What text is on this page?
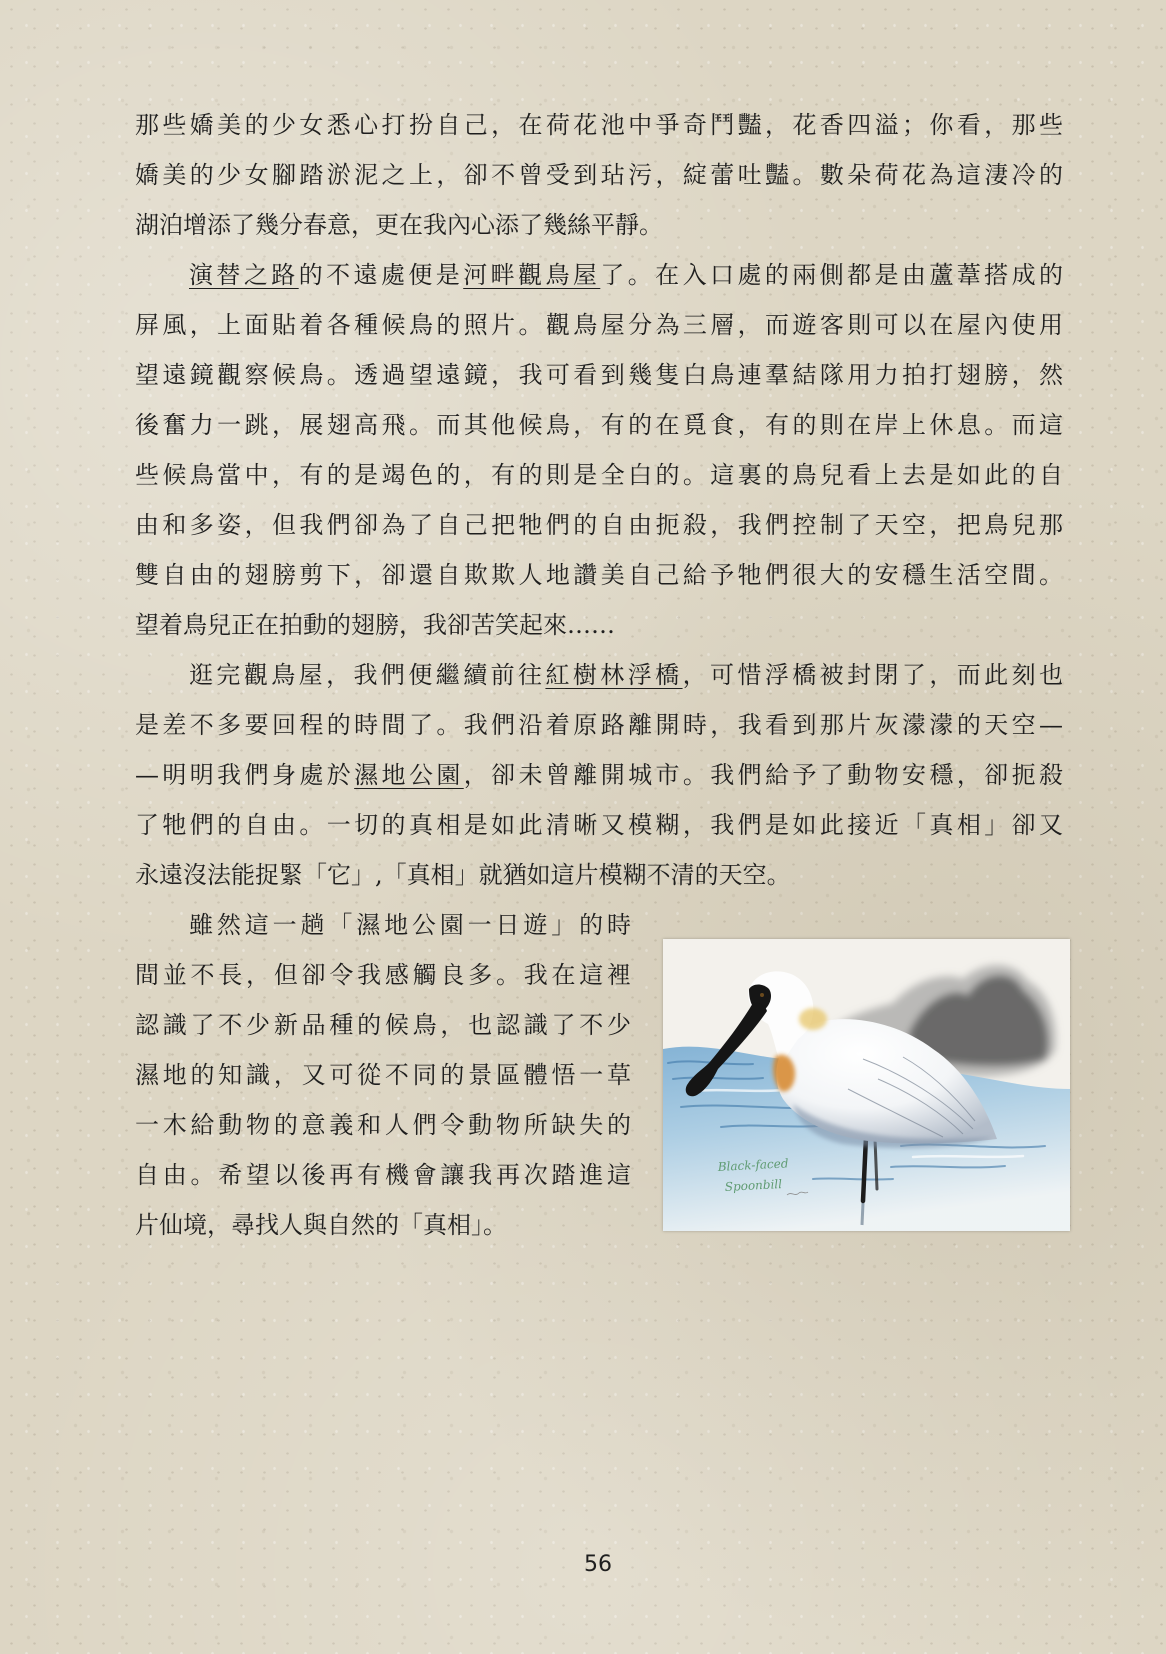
那些嬌美的少女悉心打扮自己，在荷花池中爭奇鬥豔，花香四溢；你看，那些
嬌美的少女腳踏淤泥之上，卻不曾受到玷污，綻蕾吐豔。數朵荷花為這淒冷的
湖泊增添了幾分春意，更在我內心添了幾絲平靜。
演替之路的不遠處便是河畔觀鳥屋了。在入口處的兩側都是由蘆葦搭成的
屏風，上面貼着各種候鳥的照片。觀鳥屋分為三層，而遊客則可以在屋內使用
望遠鏡觀察候鳥。透過望遠鏡，我可看到幾隻白鳥連羣結隊用力拍打翅膀，然
後奮力一跳，展翅高飛。而其他候鳥，有的在覓食，有的則在岸上休息。而這
些候鳥當中，有的是竭色的，有的則是全白的。這裏的鳥兒看上去是如此的自
由和多姿，但我們卻為了自己把牠們的自由扼殺，我們控制了天空，把鳥兒那
雙自由的翅膀剪下，卻還自欺欺人地讚美自己給予牠們很大的安穩生活空間。
望着鳥兒正在拍動的翅膀，我卻苦笑起來……
逛完觀鳥屋，我們便繼續前往紅樹林浮橋，可惜浮橋被封閉了，而此刻也
是差不多要回程的時間了。我們沿着原路離開時，我看到那片灰濛濛的天空—
—明明我們身處於濕地公園，卻未曾離開城市。我們給予了動物安穩，卻扼殺
了牠們的自由。一切的真相是如此清晰又模糊，我們是如此接近「真相」卻又
永遠沒法能捉緊「它」,「真相」就猶如這片模糊不清的天空。
雖然這一趟「濕地公園一日遊」的時
間並不長，但卻令我感觸良多。我在這裡
認識了不少新品種的候鳥，也認識了不少
濕地的知識，又可從不同的景區體悟一草
一木給動物的意義和人們令動物所缺失的
自由。希望以後再有機會讓我再次踏進這
片仙境，尋找人與自然的「真相」。
Black-faced
Spoonbill
56
